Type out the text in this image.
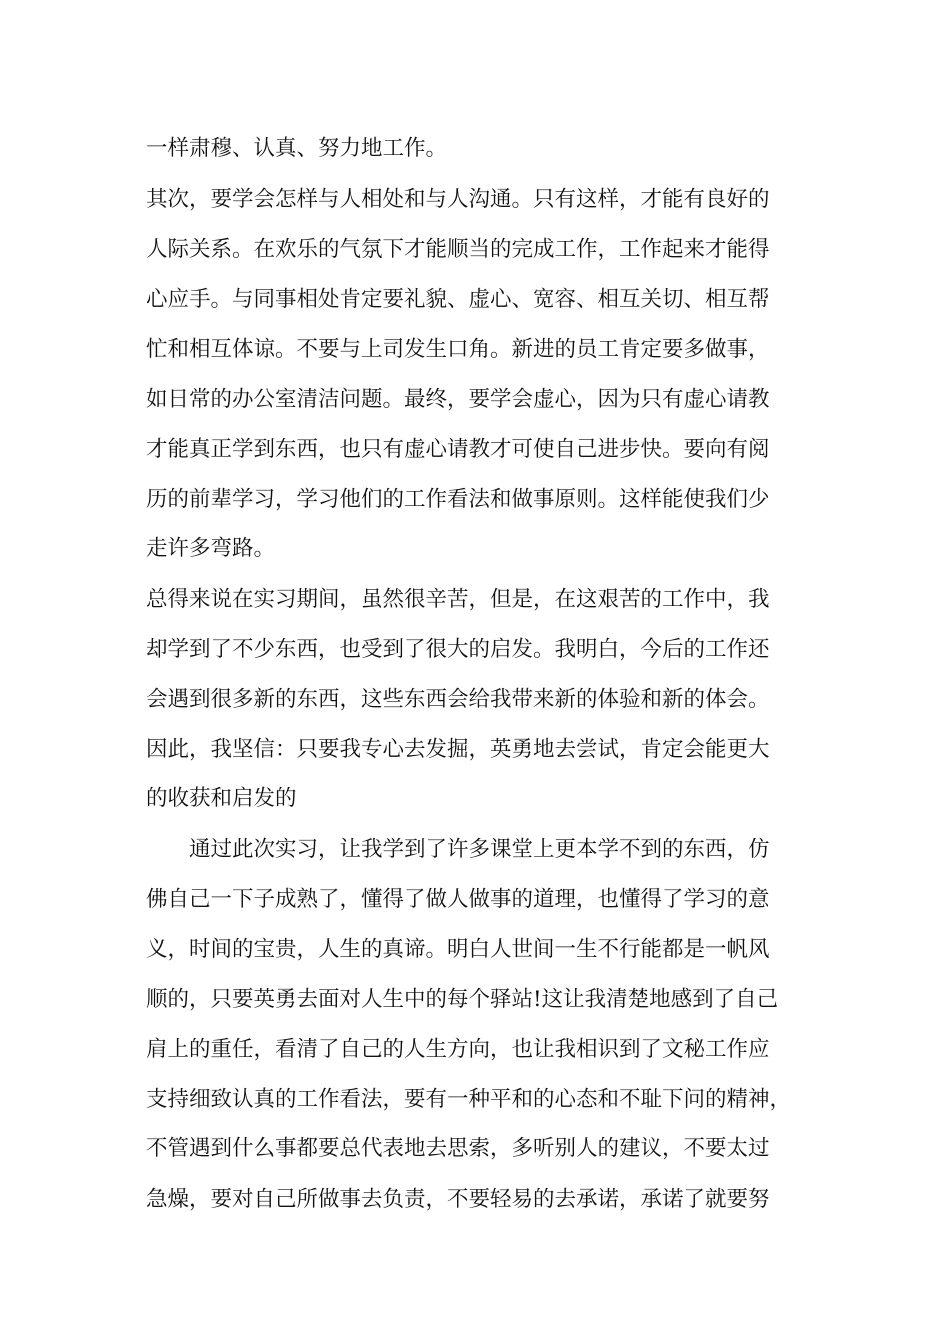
一样肃穆、认真、努力地工作。
其次，要学会怎样与人相处和与人沟通。只有这样，才能有良好的
人际关系。在欢乐的气氛下才能顺当的完成工作，工作起来才能得
心应手。与同事相处肯定要礼貌、虚心、宽容、相互关切、相互帮
忙和相互体谅。不要与上司发生口角。新进的员工肯定要多做事，
如日常的办公室清洁问题。最终，要学会虚心，因为只有虚心请教
才能真正学到东西，也只有虚心请教才可使自己进步快。要向有阅
历的前辈学习，学习他们的工作看法和做事原则。这样能使我们少
走许多弯路。
总得来说在实习期间，虽然很辛苦，但是，在这艰苦的工作中，我
却学到了不少东西，也受到了很大的启发。我明白，今后的工作还
会遇到很多新的东西，这些东西会给我带来新的体验和新的体会。
因此，我坚信：只要我专心去发掘，英勇地去尝试，肯定会能更大
的收获和启发的
通过此次实习，让我学到了许多课堂上更本学不到的东西，仿
佛自己一下子成熟了，懂得了做人做事的道理，也懂得了学习的意
义，时间的宝贵，人生的真谛。明白人世间一生不行能都是一帆风
顺的，只要英勇去面对人生中的每个驿站!这让我清楚地感到了自己
肩上的重任，看清了自己的人生方向，也让我相识到了文秘工作应
支持细致认真的工作看法，要有一种平和的心态和不耻下问的精神，
不管遇到什么事都要总代表地去思索，多听别人的建议，不要太过
急燥，要对自己所做事去负责，不要轻易的去承诺，承诺了就要努
